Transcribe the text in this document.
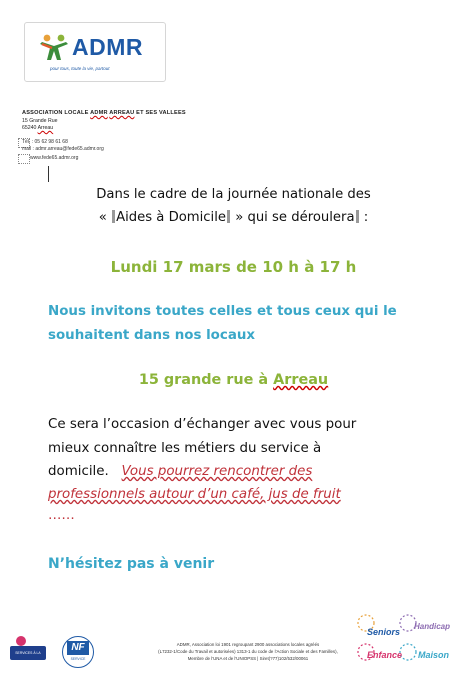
ADMR
pour tous, toute la vie, partout
ASSOCIATION LOCALE ADMR ARREAU ET SES VALLEES
15 Grande Rue
65240 Arreau
Tél. : 05 62 98 61 68
mail : admr.arreau@fede65.admr.org
www.fede65.admr.org
Dans le cadre de la journée nationale des
« Aides à Domicile » qui se déroulera :
Lundi 17 mars de 10 h à 17 h
Nous invitons toutes celles et tous ceux qui le
souhaitent dans nos locaux
15 grande rue à Arreau
Ce sera l’occasion d’échanger avec vous pour
mieux connaître les métiers du service à
domicile. Vous pourrez rencontrer des
professionnels autour d’un café, jus de fruit
……
N’hésitez pas à venir
Seniors
Handicap
Enfance Maison
SERVICES À LA PERSONNE
NF
SERVICE
ADMR, Association loi 1901 regroupant 2900 associations locales agréés
(L7232-1/Code du Travail et autorisées) 1313-1 du code de l’Action Sociale et des Familles),
Membre de l’UNA et de l’UNIOPSS | Siret(?77)102/532/00061
